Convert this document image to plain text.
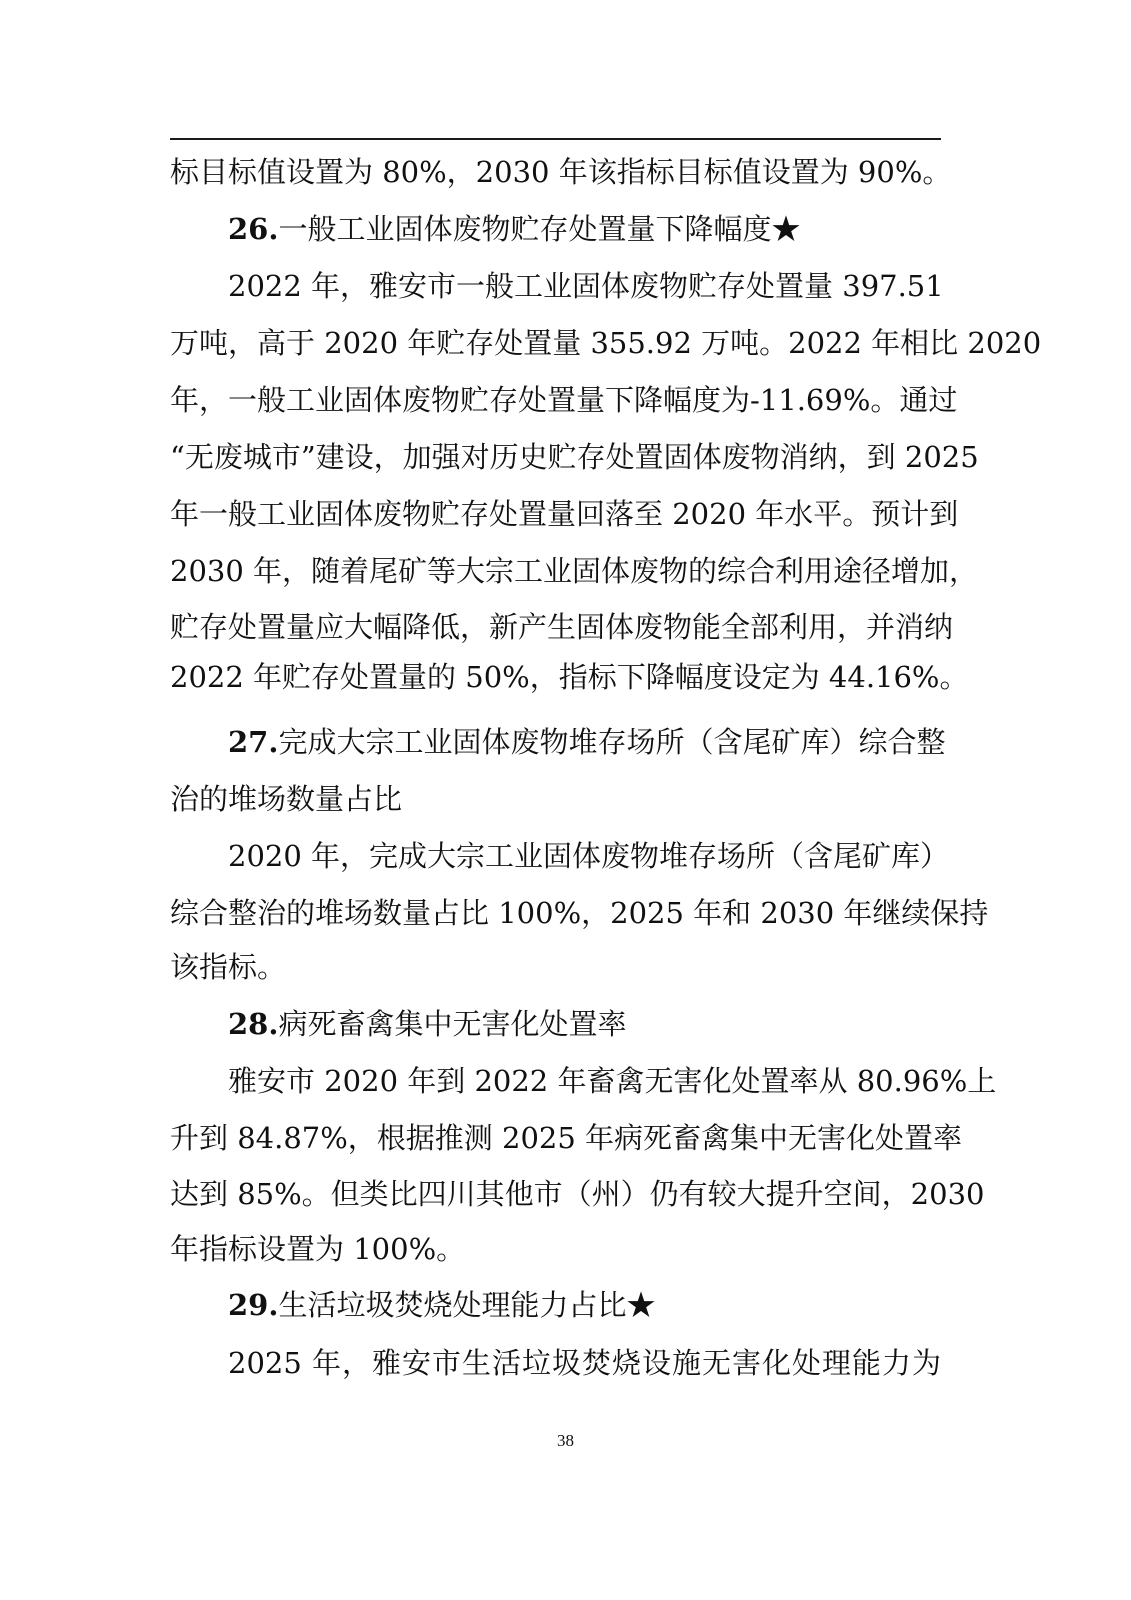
标目标值设置为 80%，2030 年该指标目标值设置为 90%。
26.一般工业固体废物贮存处置量下降幅度★
2022 年，雅安市一般工业固体废物贮存处置量 397.51
万吨，高于 2020 年贮存处置量 355.92 万吨。2022 年相比 2020
年，一般工业固体废物贮存处置量下降幅度为-11.69%。通过
“无废城市”建设，加强对历史贮存处置固体废物消纳，到 2025
年一般工业固体废物贮存处置量回落至 2020 年水平。预计到
2030 年，随着尾矿等大宗工业固体废物的综合利用途径增加，
贮存处置量应大幅降低，新产生固体废物能全部利用，并消纳
2022 年贮存处置量的 50%，指标下降幅度设定为 44.16%。
27.完成大宗工业固体废物堆存场所（含尾矿库）综合整
治的堆场数量占比
2020 年，完成大宗工业固体废物堆存场所（含尾矿库）
综合整治的堆场数量占比 100%，2025 年和 2030 年继续保持
该指标。
28.病死畜禽集中无害化处置率
雅安市 2020 年到 2022 年畜禽无害化处置率从 80.96%上
升到 84.87%，根据推测 2025 年病死畜禽集中无害化处置率
达到 85%。但类比四川其他市（州）仍有较大提升空间，2030
年指标设置为 100%。
29.生活垃圾焚烧处理能力占比★
2025 年，雅安市生活垃圾焚烧设施无害化处理能力为
38
